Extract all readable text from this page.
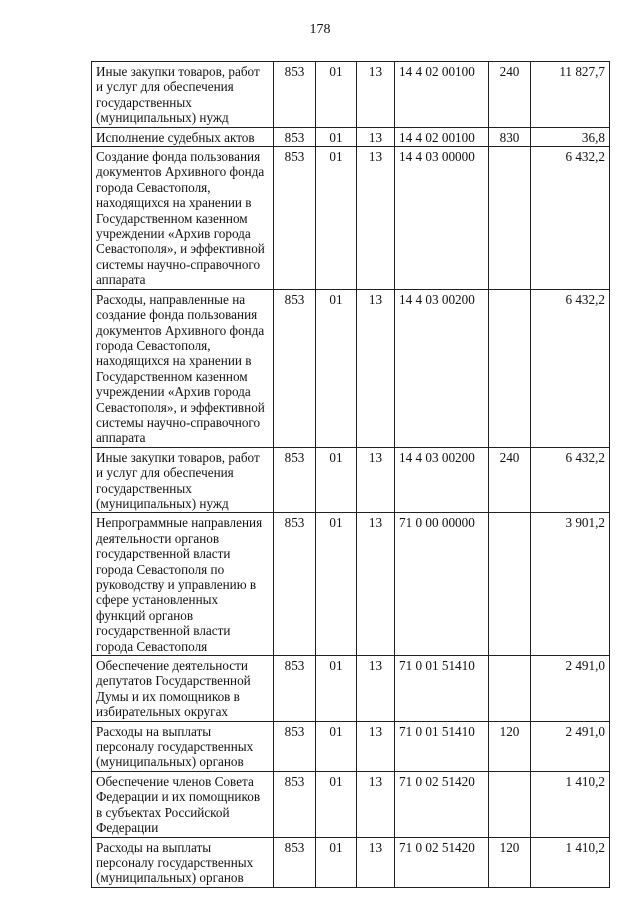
178
Иные закупки товаров, работ и услуг для обеспечения государственных (муниципальных) нужд	853	01	13	14 4 02 00100	240	11 827,7
Исполнение судебных актов	853	01	13	14 4 02 00100	830	36,8
Создание фонда пользования документов Архивного фонда города Севастополя, находящихся на хранении в Государственном казенном учреждении «Архив города Севастополя», и эффективной системы научно-справочного аппарата	853	01	13	14 4 03 00000		6 432,2
Расходы, направленные на создание фонда пользования документов Архивного фонда города Севастополя, находящихся на хранении в Государственном казенном учреждении «Архив города Севастополя», и эффективной системы научно-справочного аппарата	853	01	13	14 4 03 00200		6 432,2
Иные закупки товаров, работ и услуг для обеспечения государственных (муниципальных) нужд	853	01	13	14 4 03 00200	240	6 432,2
Непрограммные направления деятельности органов государственной власти города Севастополя по руководству и управлению в сфере установленных функций органов государственной власти города Севастополя	853	01	13	71 0 00 00000		3 901,2
Обеспечение деятельности депутатов Государственной Думы и их помощников в избирательных округах	853	01	13	71 0 01 51410		2 491,0
Расходы на выплаты персоналу государственных (муниципальных) органов	853	01	13	71 0 01 51410	120	2 491,0
Обеспечение членов Совета Федерации и их помощников в субъектах Российской Федерации	853	01	13	71 0 02 51420		1 410,2
Расходы на выплаты персоналу государственных (муниципальных) органов	853	01	13	71 0 02 51420	120	1 410,2
